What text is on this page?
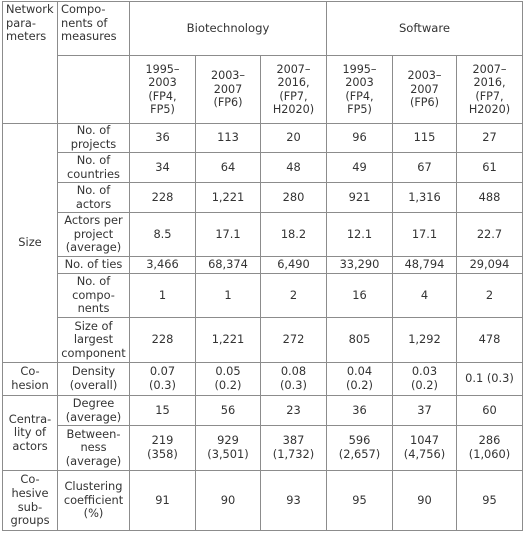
Network
para-
meters	Compo-
nents of
measures	Biotechnology			Software		
		1995–
2003
(FP4,
FP5)	2003–
2007
(FP6)	2007–
2016,
(FP7,
H2020)	1995–
2003
(FP4,
FP5)	2003–
2007
(FP6)	2007–
2016,
(FP7,
H2020)
Size	No. of
projects	36	113	20	96	115	27
	No. of
countries	34	64	48	49	67	61
	No. of
actors	228	1,221	280	921	1,316	488
	Actors per
project
(average)	8.5	17.1	18.2	12.1	17.1	22.7
	No. of ties	3,466	68,374	6,490	33,290	48,794	29,094
	No. of
compo-
nents	1	1	2	16	4	2
	Size of
largest
component	228	1,221	272	805	1,292	478
Co-
hesion	Density
(overall)	0.07
(0.3)	0.05
(0.2)	0.08
(0.3)	0.04
(0.2)	0.03
(0.2)	0.1 (0.3)
Centra-
lity of
actors	Degree
(average)	15	56	23	36	37	60
	Between-
ness
(average)	219
(358)	929
(3,501)	387
(1,732)	596
(2,657)	1047
(4,756)	286
(1,060)
Co-
hesive
sub-
groups	Clustering
coefficient
(%)	91	90	93	95	90	95
